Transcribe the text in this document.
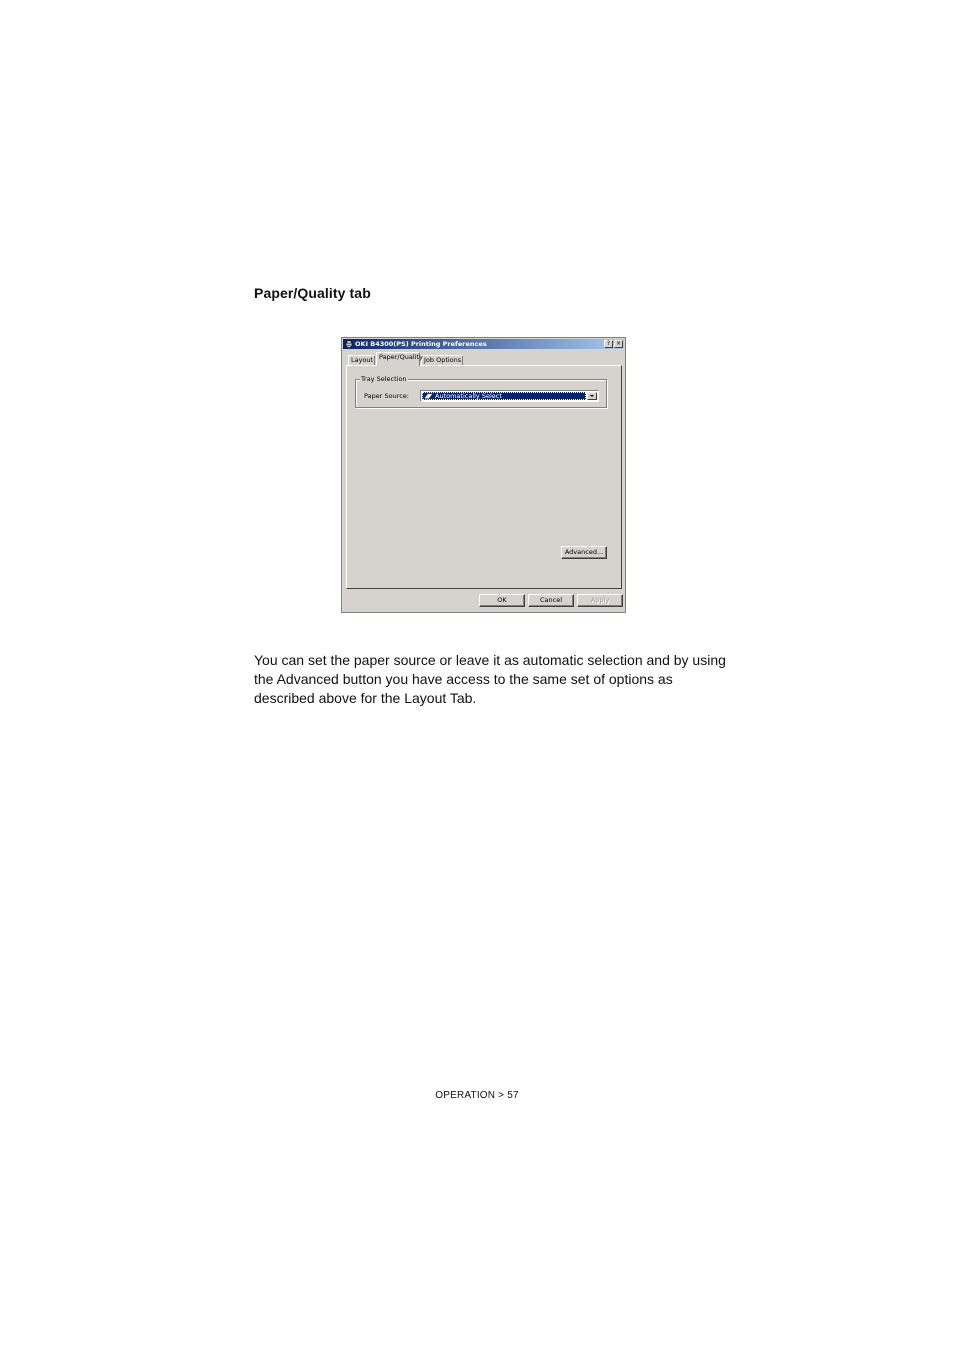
Paper/Quality tab
OKI B4300(PS) Printing Preferences	? ×
Layout Paper/Quality Job Options
Tray Selection
Paper Source:	Automatically Select
Advanced...
OK	Cancel	Apply

You can set the paper source or leave it as automatic selection and by using the Advanced button you have access to the same set of options as described above for the Layout Tab.

OPERATION > 57
